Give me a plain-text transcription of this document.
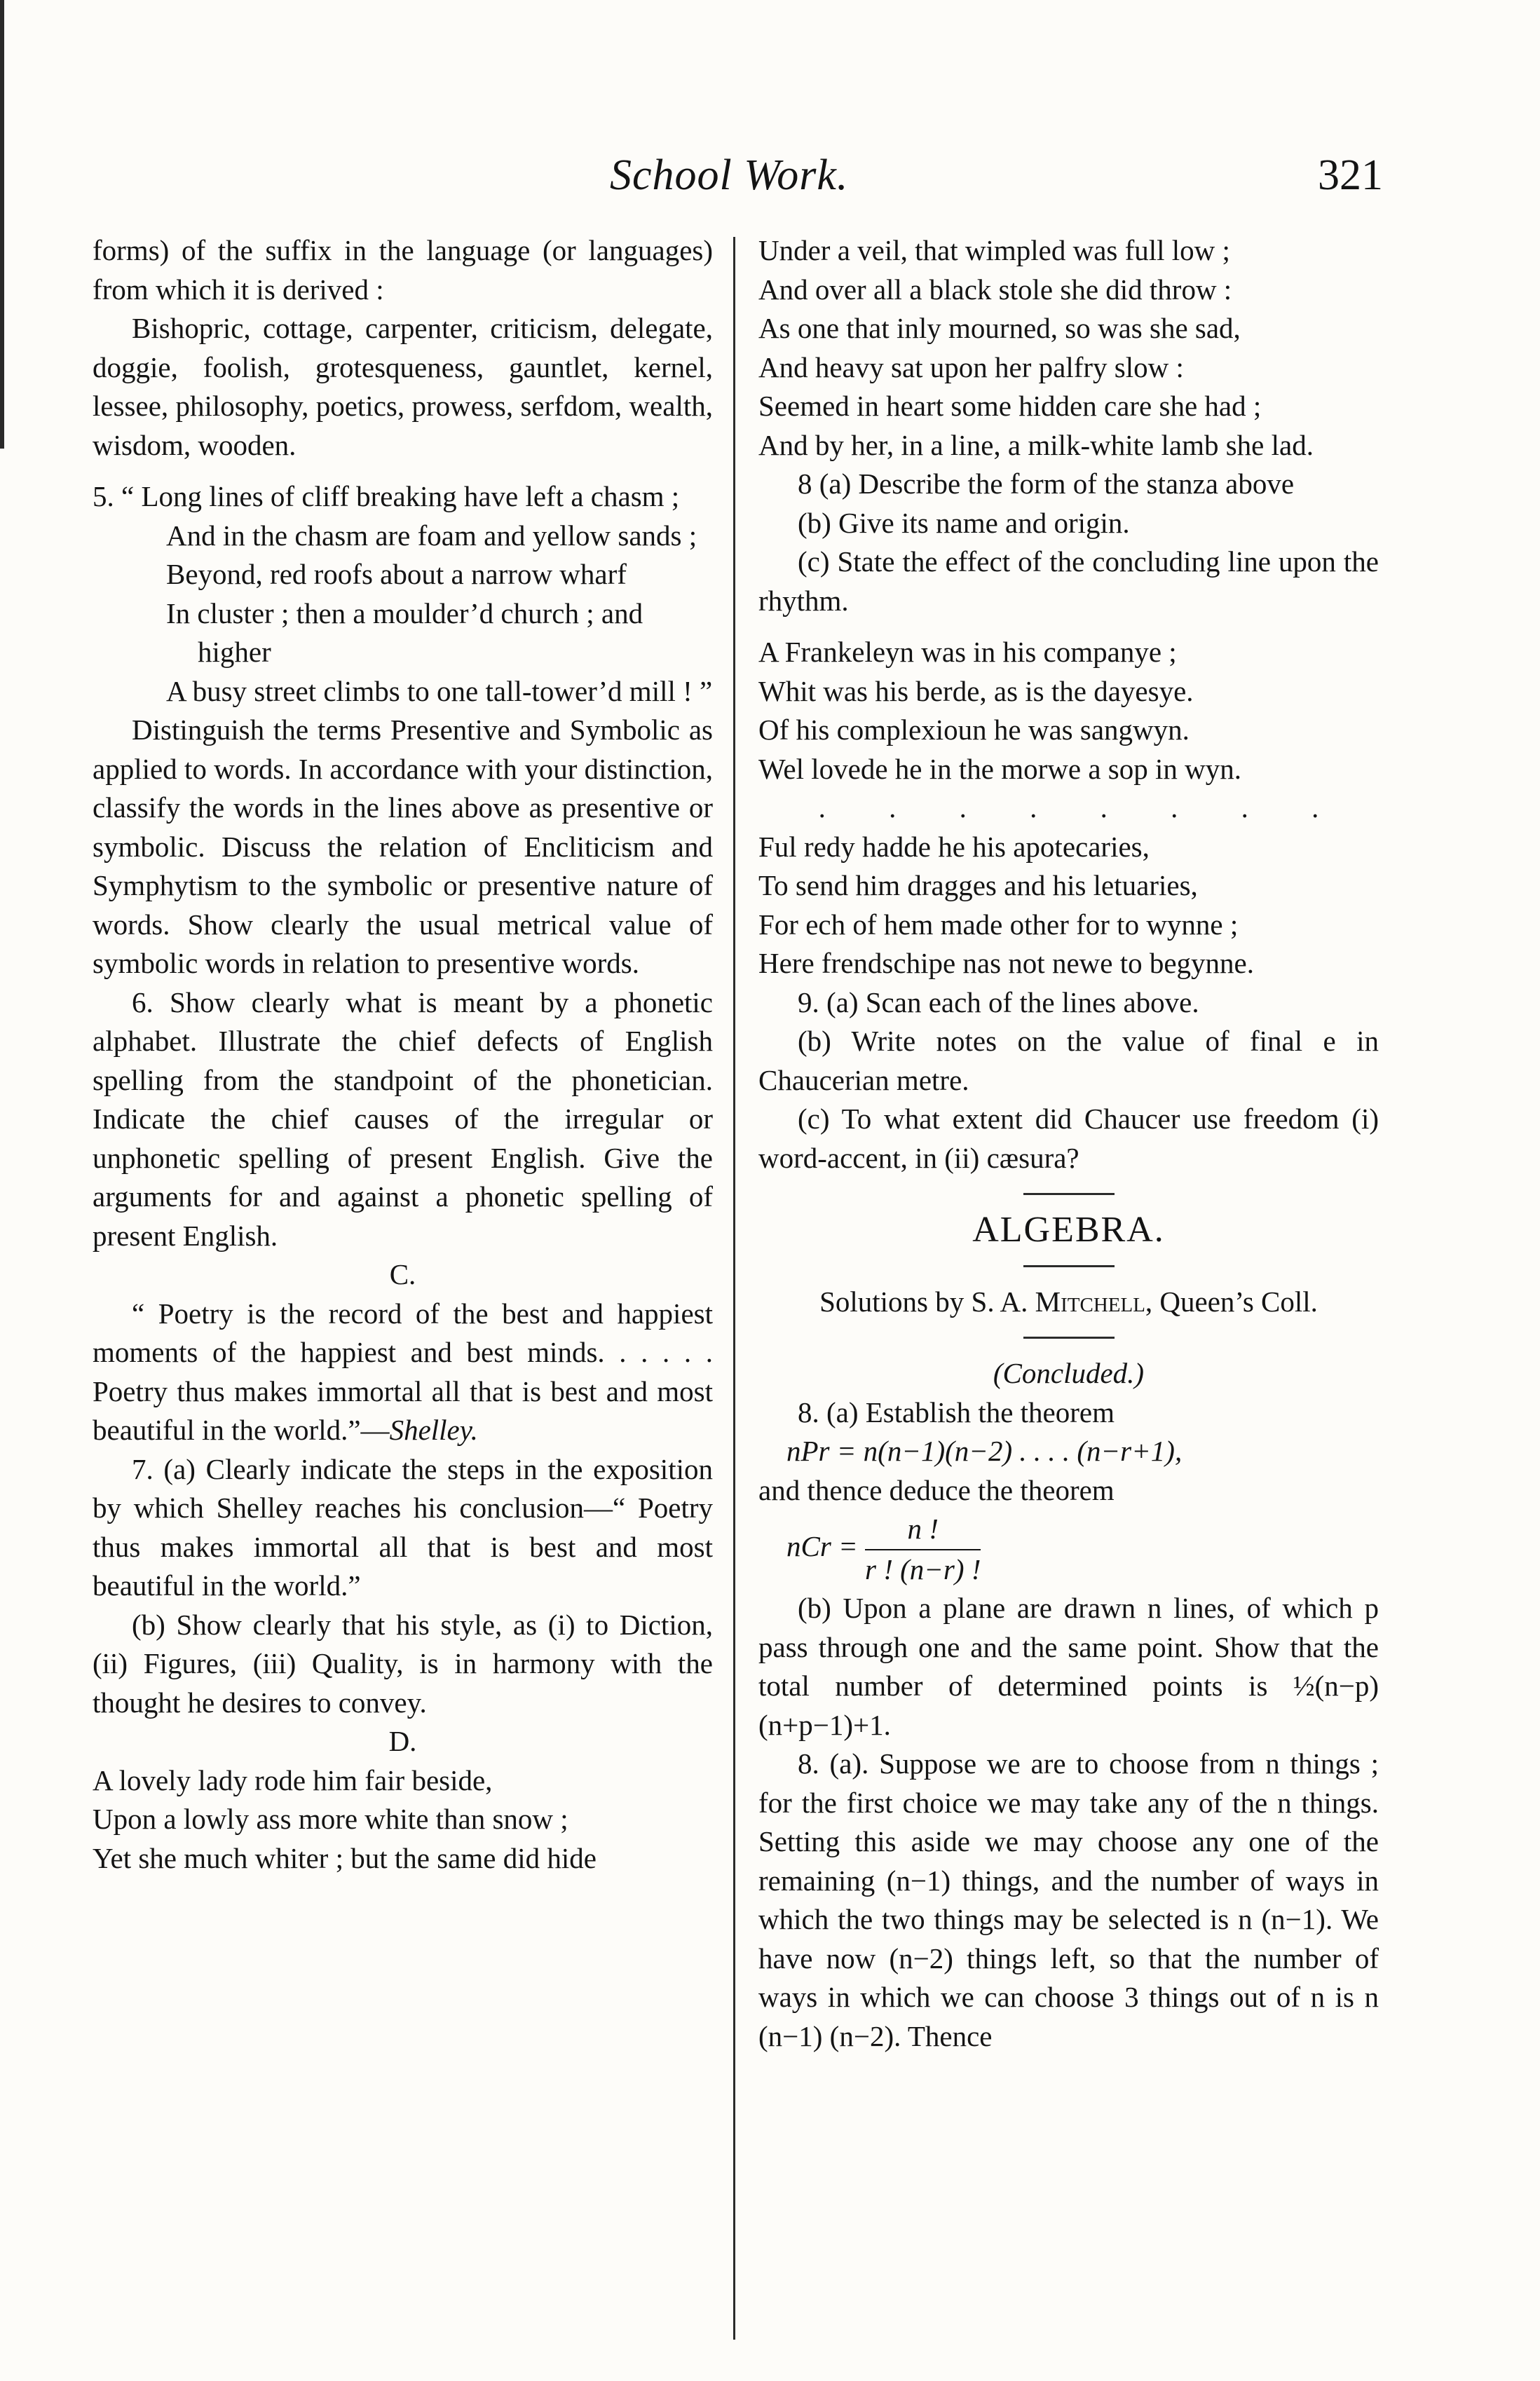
School Work.	321

forms) of the suffix in the language (or languages) from which it is derived :

Bishopric, cottage, carpenter, criticism, delegate, doggie, foolish, grotesqueness, gauntlet, kernel, lessee, philosophy, poetics, prowess, serfdom, wealth, wisdom, wooden.

5. “ Long lines of cliff breaking have left a chasm ;

And in the chasm are foam and yellow sands ;

Beyond, red roofs about a narrow wharf

In cluster ; then a moulder’d church ; and higher

A busy street climbs to one tall-tower’d mill ! ”

Distinguish the terms Presentive and Symbolic as applied to words. In accordance with your distinction, classify the words in the lines above as presentive or symbolic. Discuss the relation of Encliticism and Symphytism to the symbolic or presentive nature of words. Show clearly the usual metrical value of symbolic words in relation to presentive words.

6. Show clearly what is meant by a phonetic alphabet. Illustrate the chief defects of English spelling from the standpoint of the phonetician. Indicate the chief causes of the irregular or unphonetic spelling of present English. Give the arguments for and against a phonetic spelling of present English.

C.

“ Poetry is the record of the best and happiest moments of the happiest and best minds. . . . . . Poetry thus makes immortal all that is best and most beautiful in the world.”—Shelley.

7. (a) Clearly indicate the steps in the exposition by which Shelley reaches his conclusion—“ Poetry thus makes immortal all that is best and most beautiful in the world.”

(b) Show clearly that his style, as (i) to Diction, (ii) Figures, (iii) Quality, is in harmony with the thought he desires to convey.

D.

A lovely lady rode him fair beside,

Upon a lowly ass more white than snow ;

Yet she much whiter ; but the same did hide

Under a veil, that wimpled was full low ;

And over all a black stole she did throw :

As one that inly mourned, so was she sad,

And heavy sat upon her palfry slow :

Seemed in heart some hidden care she had ;

And by her, in a line, a milk-white lamb she lad.

8 (a) Describe the form of the stanza above

(b) Give its name and origin.

(c) State the effect of the concluding line upon the rhythm.

A Frankeleyn was in his companye ;

Whit was his berde, as is the dayesye.

Of his complexioun he was sangwyn.

Wel lovede he in the morwe a sop in wyn.

. . . . . . . .

Ful redy hadde he his apotecaries,

To send him dragges and his letuaries,

For ech of hem made other for to wynne ;

Here frendschipe nas not newe to begynne.

9. (a) Scan each of the lines above.

(b) Write notes on the value of final e in Chaucerian metre.

(c) To what extent did Chaucer use freedom (i) word-accent, in (ii) cæsura?

ALGEBRA.

Solutions by S. A. Mitchell, Queen’s Coll.

(Concluded.)

8. (a) Establish the theorem

nPr = n(n−1)(n−2) . . . . (n−r+1),

and thence deduce the theorem

nCr = $\frac{n !}{r ! (n-r) !}$

(b) Upon a plane are drawn n lines, of which p pass through one and the same point. Show that the total number of determined points is ½(n−p)(n+p−1)+1.

8. (a). Suppose we are to choose from n things ; for the first choice we may take any of the n things. Setting this aside we may choose any one of the remaining (n−1) things, and the number of ways in which the two things may be selected is n (n−1). We have now (n−2) things left, so that the number of ways in which we can choose 3 things out of n is n (n−1) (n−2). Thence
